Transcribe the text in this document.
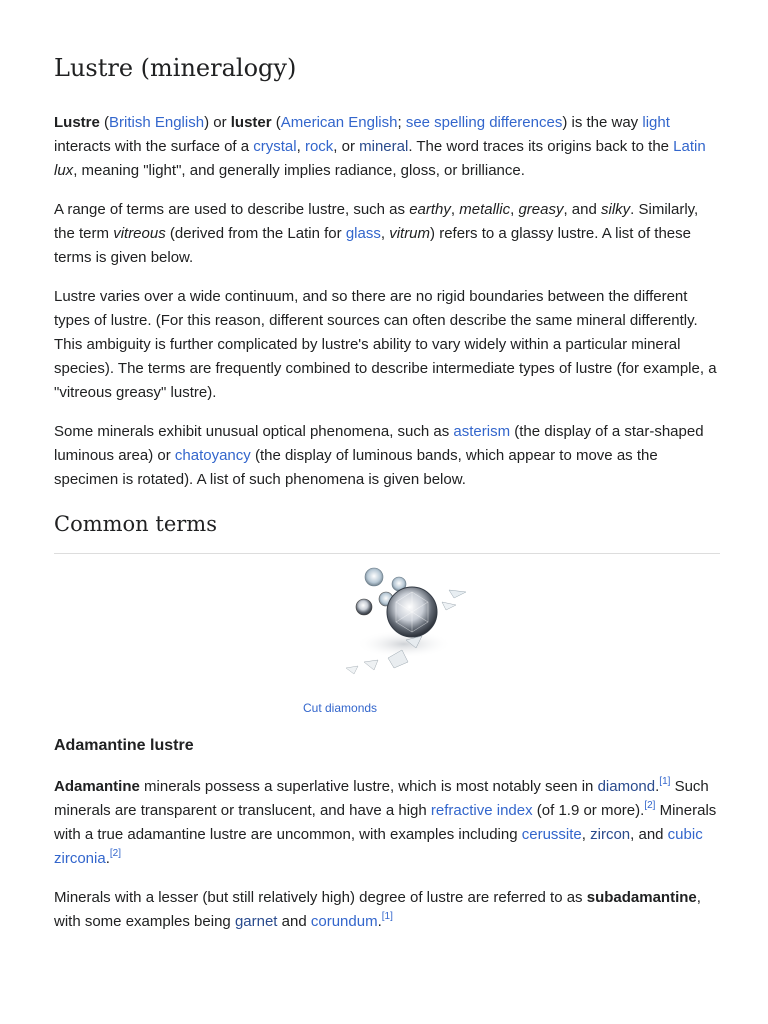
Lustre (mineralogy)

Lustre (British English) or luster (American English; see spelling differences) is the way light interacts with the surface of a crystal, rock, or mineral. The word traces its origins back to the Latin lux, meaning "light", and generally implies radiance, gloss, or brilliance.

A range of terms are used to describe lustre, such as earthy, metallic, greasy, and silky. Similarly, the term vitreous (derived from the Latin for glass, vitrum) refers to a glassy lustre. A list of these terms is given below.

Lustre varies over a wide continuum, and so there are no rigid boundaries between the different types of lustre. (For this reason, different sources can often describe the same mineral differently. This ambiguity is further complicated by lustre's ability to vary widely within a particular mineral species). The terms are frequently combined to describe intermediate types of lustre (for example, a "vitreous greasy" lustre).

Some minerals exhibit unusual optical phenomena, such as asterism (the display of a star-shaped luminous area) or chatoyancy (the display of luminous bands, which appear to move as the specimen is rotated). A list of such phenomena is given below.

Common terms
Cut diamonds
Adamantine lustre

Adamantine minerals possess a superlative lustre, which is most notably seen in diamond.[1] Such minerals are transparent or translucent, and have a high refractive index (of 1.9 or more).[2] Minerals with a true adamantine lustre are uncommon, with examples including cerussite, zircon, and cubic zirconia.[2]

Minerals with a lesser (but still relatively high) degree of lustre are referred to as subadamantine, with some examples being garnet and corundum.[1]
